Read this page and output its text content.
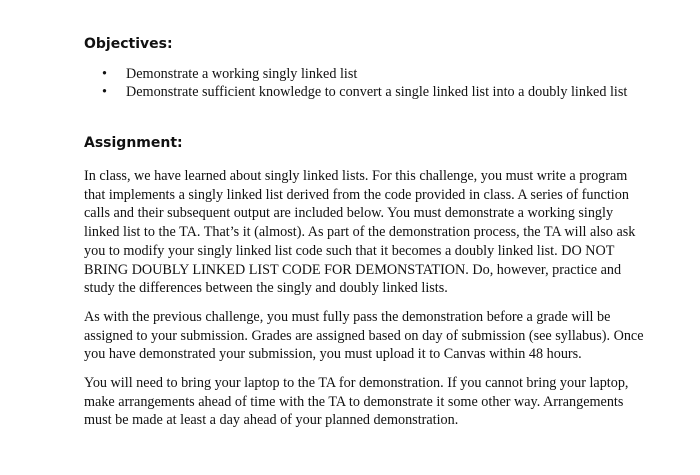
Objectives:
• Demonstrate a working singly linked list
• Demonstrate sufficient knowledge to convert a single linked list into a doubly linked list
Assignment:

In class, we have learned about singly linked lists. For this challenge, you must write a program that implements a singly linked list derived from the code provided in class. A series of function calls and their subsequent output are included below. You must demonstrate a working singly linked list to the TA. That’s it (almost). As part of the demonstration process, the TA will also ask you to modify your singly linked list code such that it becomes a doubly linked list. DO NOT BRING DOUBLY LINKED LIST CODE FOR DEMONSTATION. Do, however, practice and study the differences between the singly and doubly linked lists.

As with the previous challenge, you must fully pass the demonstration before a grade will be assigned to your submission. Grades are assigned based on day of submission (see syllabus). Once you have demonstrated your submission, you must upload it to Canvas within 48 hours.

You will need to bring your laptop to the TA for demonstration. If you cannot bring your laptop, make arrangements ahead of time with the TA to demonstrate it some other way. Arrangements must be made at least a day ahead of your planned demonstration.
